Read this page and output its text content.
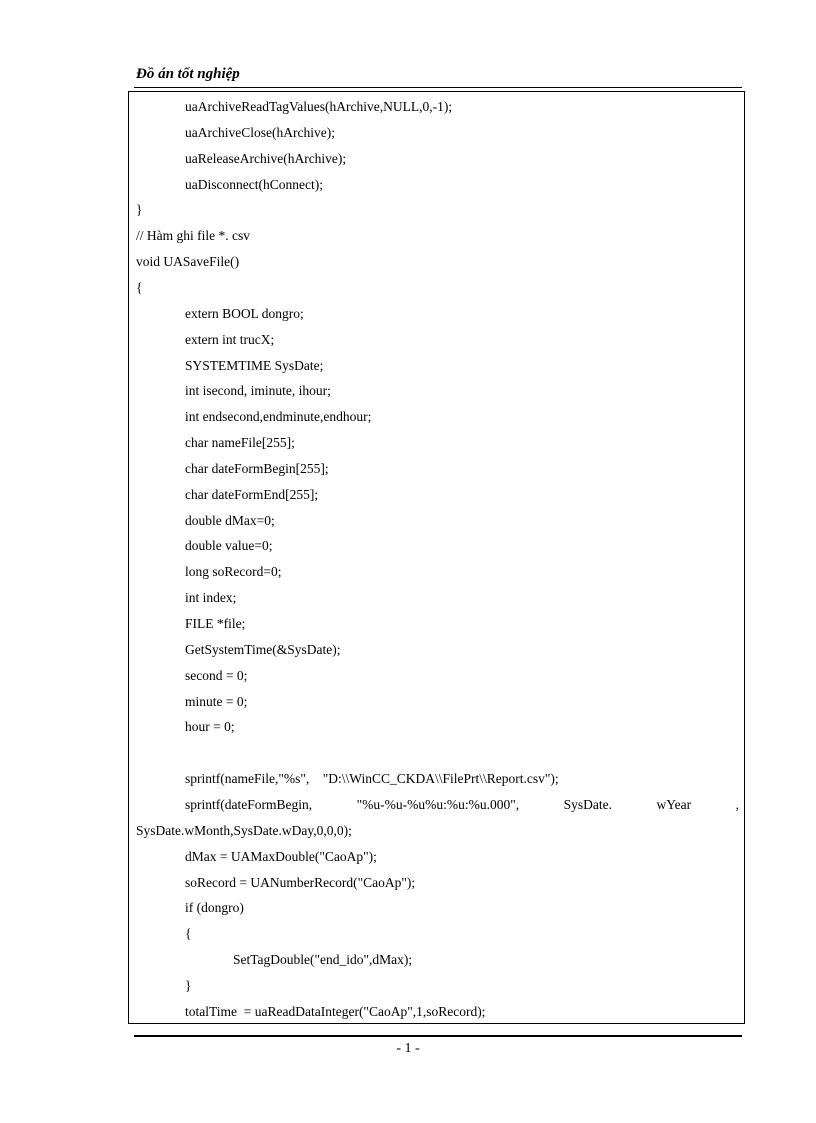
Đồ án tốt nghiệp
uaArchiveReadTagValues(hArchive,NULL,0,-1);
uaArchiveClose(hArchive);
uaReleaseArchive(hArchive);
uaDisconnect(hConnect);
}
// Hàm ghi file *. csv
void UASaveFile()
{
extern BOOL dongro;
extern int trucX;
SYSTEMTIME SysDate;
int isecond, iminute, ihour;
int endsecond,endminute,endhour;
char nameFile[255];
char dateFormBegin[255];
char dateFormEnd[255];
double dMax=0;
double value=0;
long soRecord=0;
int index;
FILE *file;
GetSystemTime(&SysDate);
second = 0;
minute = 0;
hour = 0;
sprintf(nameFile,"%s",    "D:\\WinCC_CKDA\\FilePrt\\Report.csv");
sprintf(dateFormBegin,	"%u-%u-%u%u:%u:%u.000",	SysDate.	wYear	,
SysDate.wMonth,SysDate.wDay,0,0,0);
dMax = UAMaxDouble("CaoAp");
soRecord = UANumberRecord("CaoAp");
if (dongro)
{
SetTagDouble("end_ido",dMax);
}
totalTime  = uaReadDataInteger("CaoAp",1,soRecord);
- 1 -
